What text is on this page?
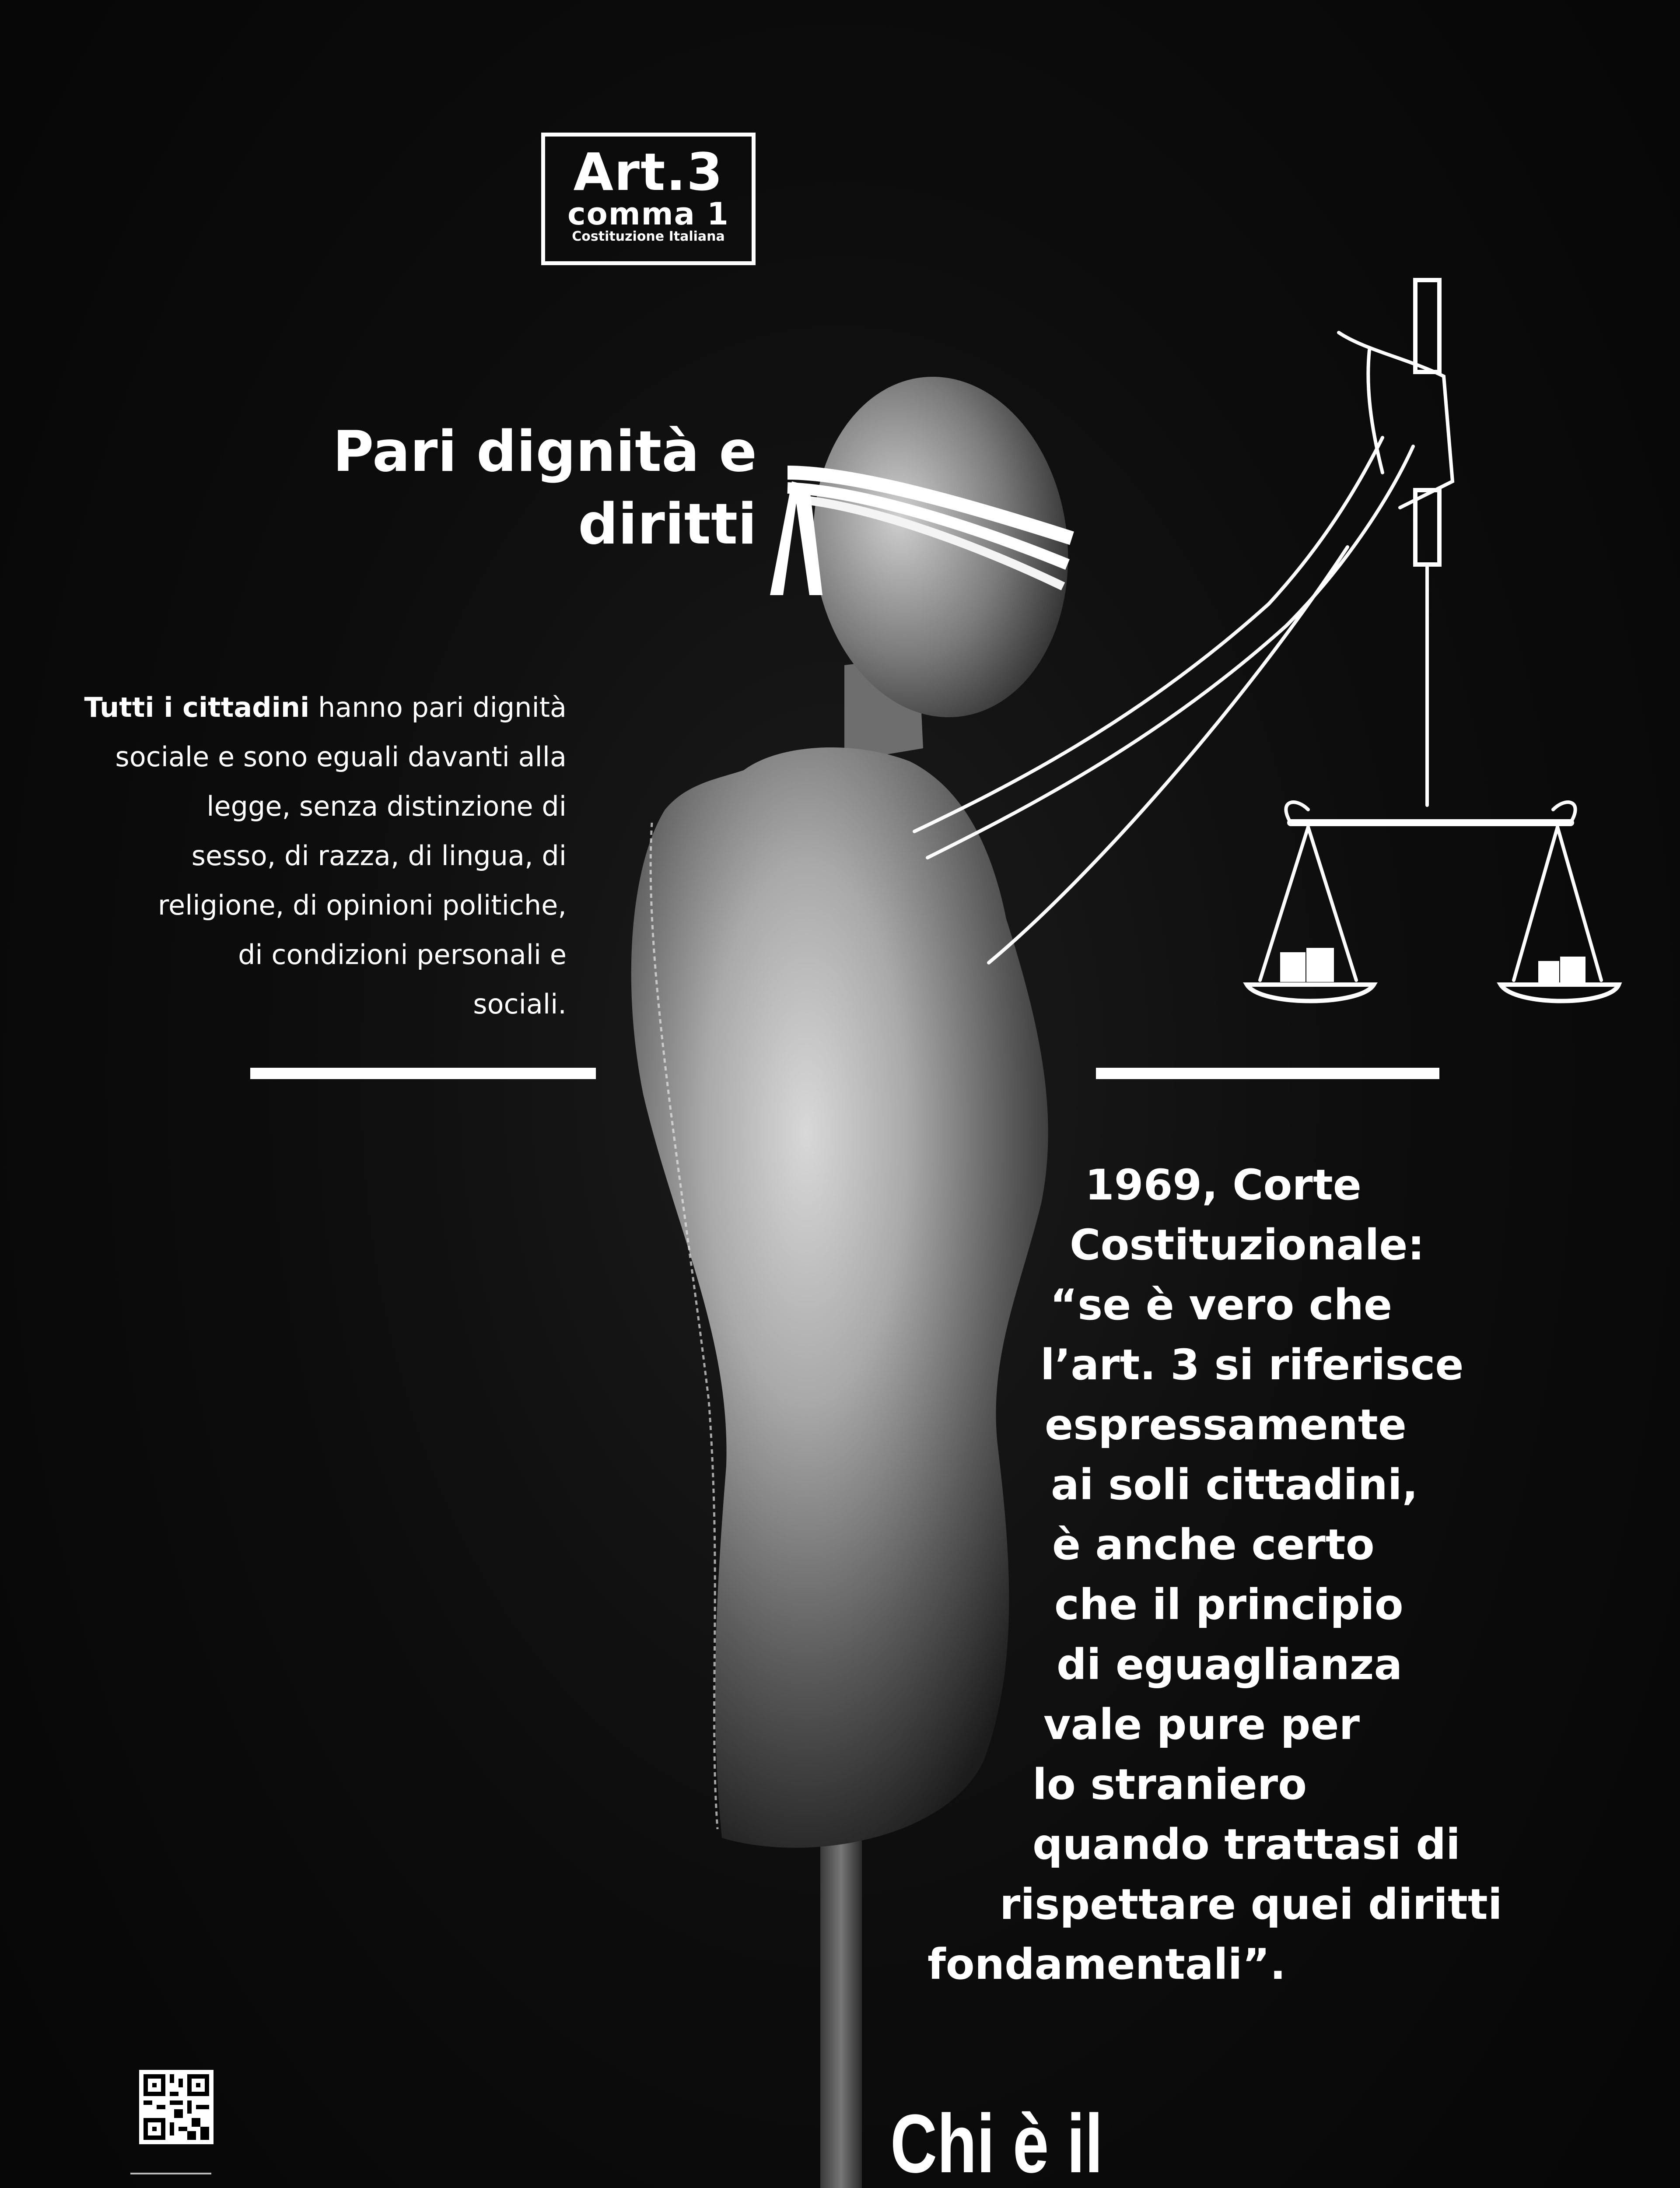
Art.3
comma 1
Costituzione Italiana
Pari dignità e
diritti
Tutti i cittadini hanno pari dignità
sociale e sono eguali davanti alla
legge, senza distinzione di
sesso, di razza, di lingua, di
religione, di opinioni politiche,
di condizioni personali e
sociali.
1969, Corte
Costituzionale:
“se è vero che
l’art. 3 si riferisce
espressamente
ai soli cittadini,
è anche certo
che il principio
di eguaglianza
vale pure per
lo straniero
quando trattasi di
rispettare quei diritti
fondamentali”.
Chi è il
